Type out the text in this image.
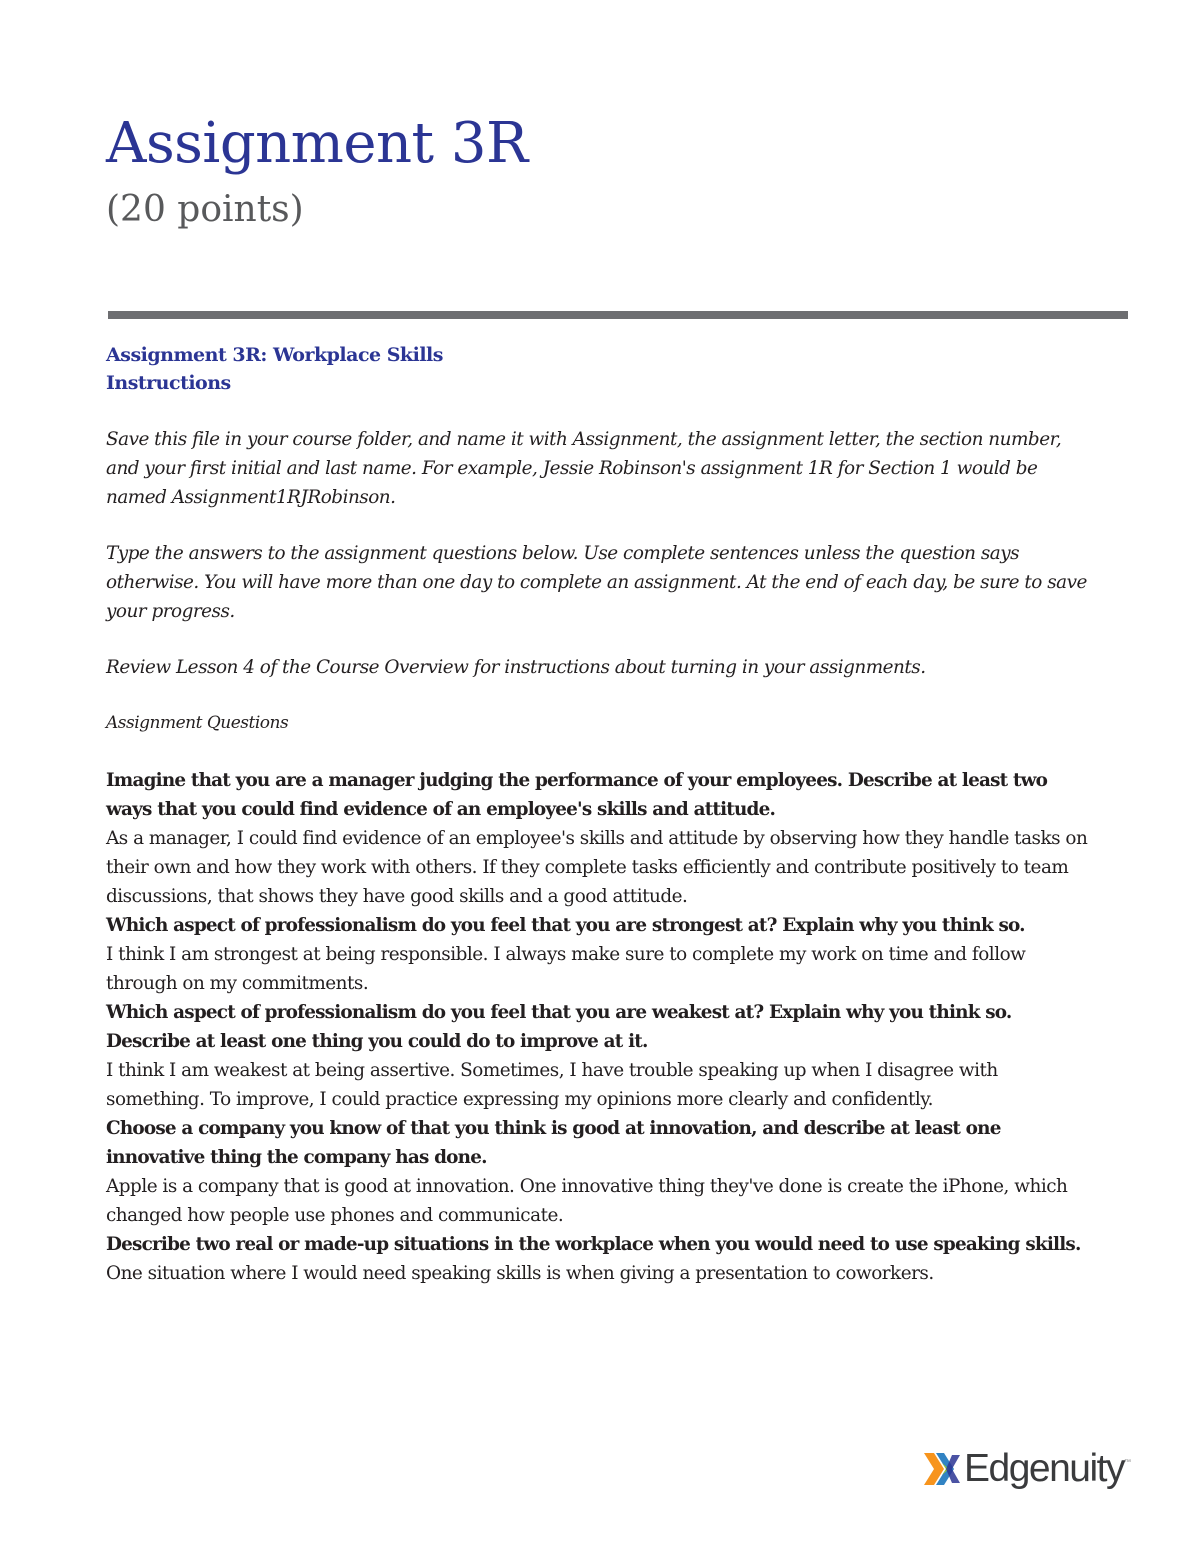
Assignment 3R
(20 points)
Assignment 3R: Workplace Skills
Instructions

Save this file in your course folder, and name it with Assignment, the assignment letter, the section number, and your first initial and last name. For example, Jessie Robinson's assignment 1R for Section 1 would be named Assignment1RJRobinson.

Type the answers to the assignment questions below. Use complete sentences unless the question says otherwise. You will have more than one day to complete an assignment. At the end of each day, be sure to save your progress.

Review Lesson 4 of the Course Overview for instructions about turning in your assignments.

Assignment Questions

Imagine that you are a manager judging the performance of your employees. Describe at least two ways that you could find evidence of an employee's skills and attitude.

As a manager, I could find evidence of an employee's skills and attitude by observing how they handle tasks on their own and how they work with others. If they complete tasks efficiently and contribute positively to team discussions, that shows they have good skills and a good attitude.

Which aspect of professionalism do you feel that you are strongest at? Explain why you think so.

I think I am strongest at being responsible. I always make sure to complete my work on time and follow through on my commitments.

Which aspect of professionalism do you feel that you are weakest at? Explain why you think so. Describe at least one thing you could do to improve at it.

I think I am weakest at being assertive. Sometimes, I have trouble speaking up when I disagree with something. To improve, I could practice expressing my opinions more clearly and confidently.

Choose a company you know of that you think is good at innovation, and describe at least one innovative thing the company has done.

Apple is a company that is good at innovation. One innovative thing they've done is create the iPhone, which changed how people use phones and communicate.

Describe two real or made-up situations in the workplace when you would need to use speaking skills.

One situation where I would need speaking skills is when giving a presentation to coworkers.

Edgenuity ™
